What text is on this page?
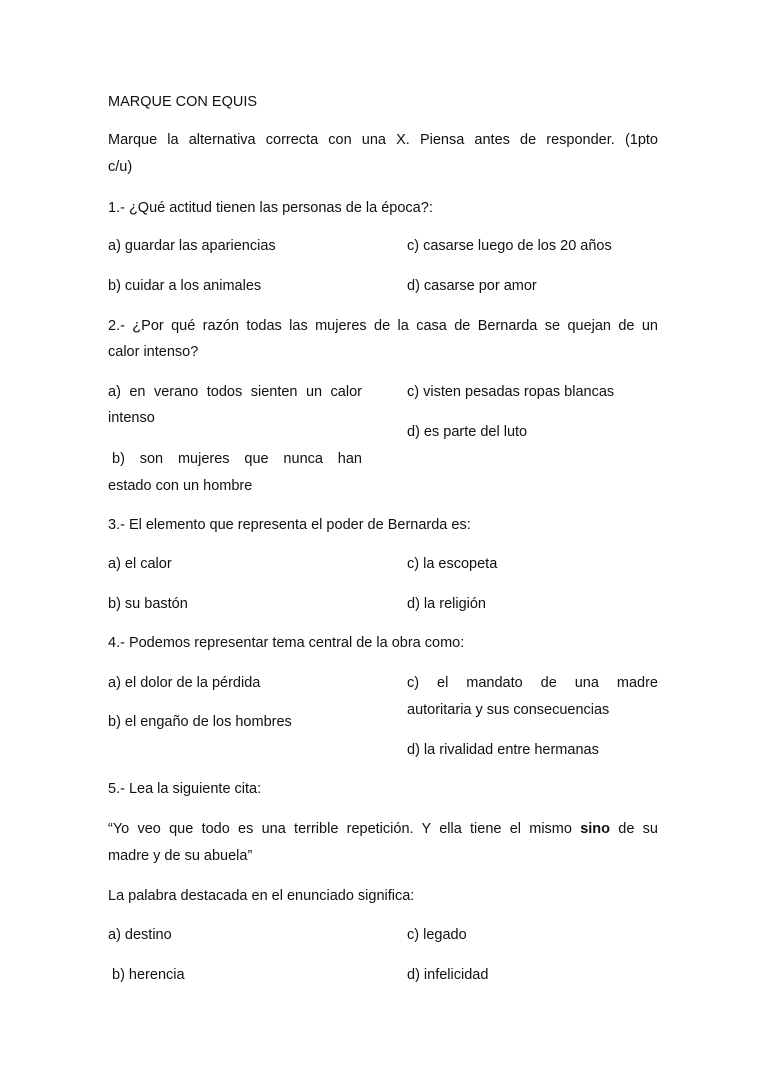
MARQUE CON EQUIS
Marque la alternativa correcta con una X. Piensa antes de responder. (1pto
c/u)
1.- ¿Qué actitud tienen las personas de la época?:
a) guardar las apariencias	c) casarse luego de los 20 años
b) cuidar a los animales	d) casarse por amor
2.- ¿Por qué razón todas las mujeres de la casa de Bernarda se quejan de un
calor intenso?
a) en verano todos sienten un calor
intenso
c) visten pesadas ropas blancas
d) es parte del luto
b) son mujeres que nunca han
estado con un hombre
3.- El elemento que representa el poder de Bernarda es:
a) el calor	c) la escopeta
b) su bastón	d) la religión
4.- Podemos representar tema central de la obra como:
a) el dolor de la pérdida	c) el mandato de una madre
autoritaria y sus consecuencias
b) el engaño de los hombres
d) la rivalidad entre hermanas
5.- Lea la siguiente cita:
“Yo veo que todo es una terrible repetición. Y ella tiene el mismo sino de su
madre y de su abuela”
La palabra destacada en el enunciado significa:
a) destino	c) legado
b) herencia	d) infelicidad
